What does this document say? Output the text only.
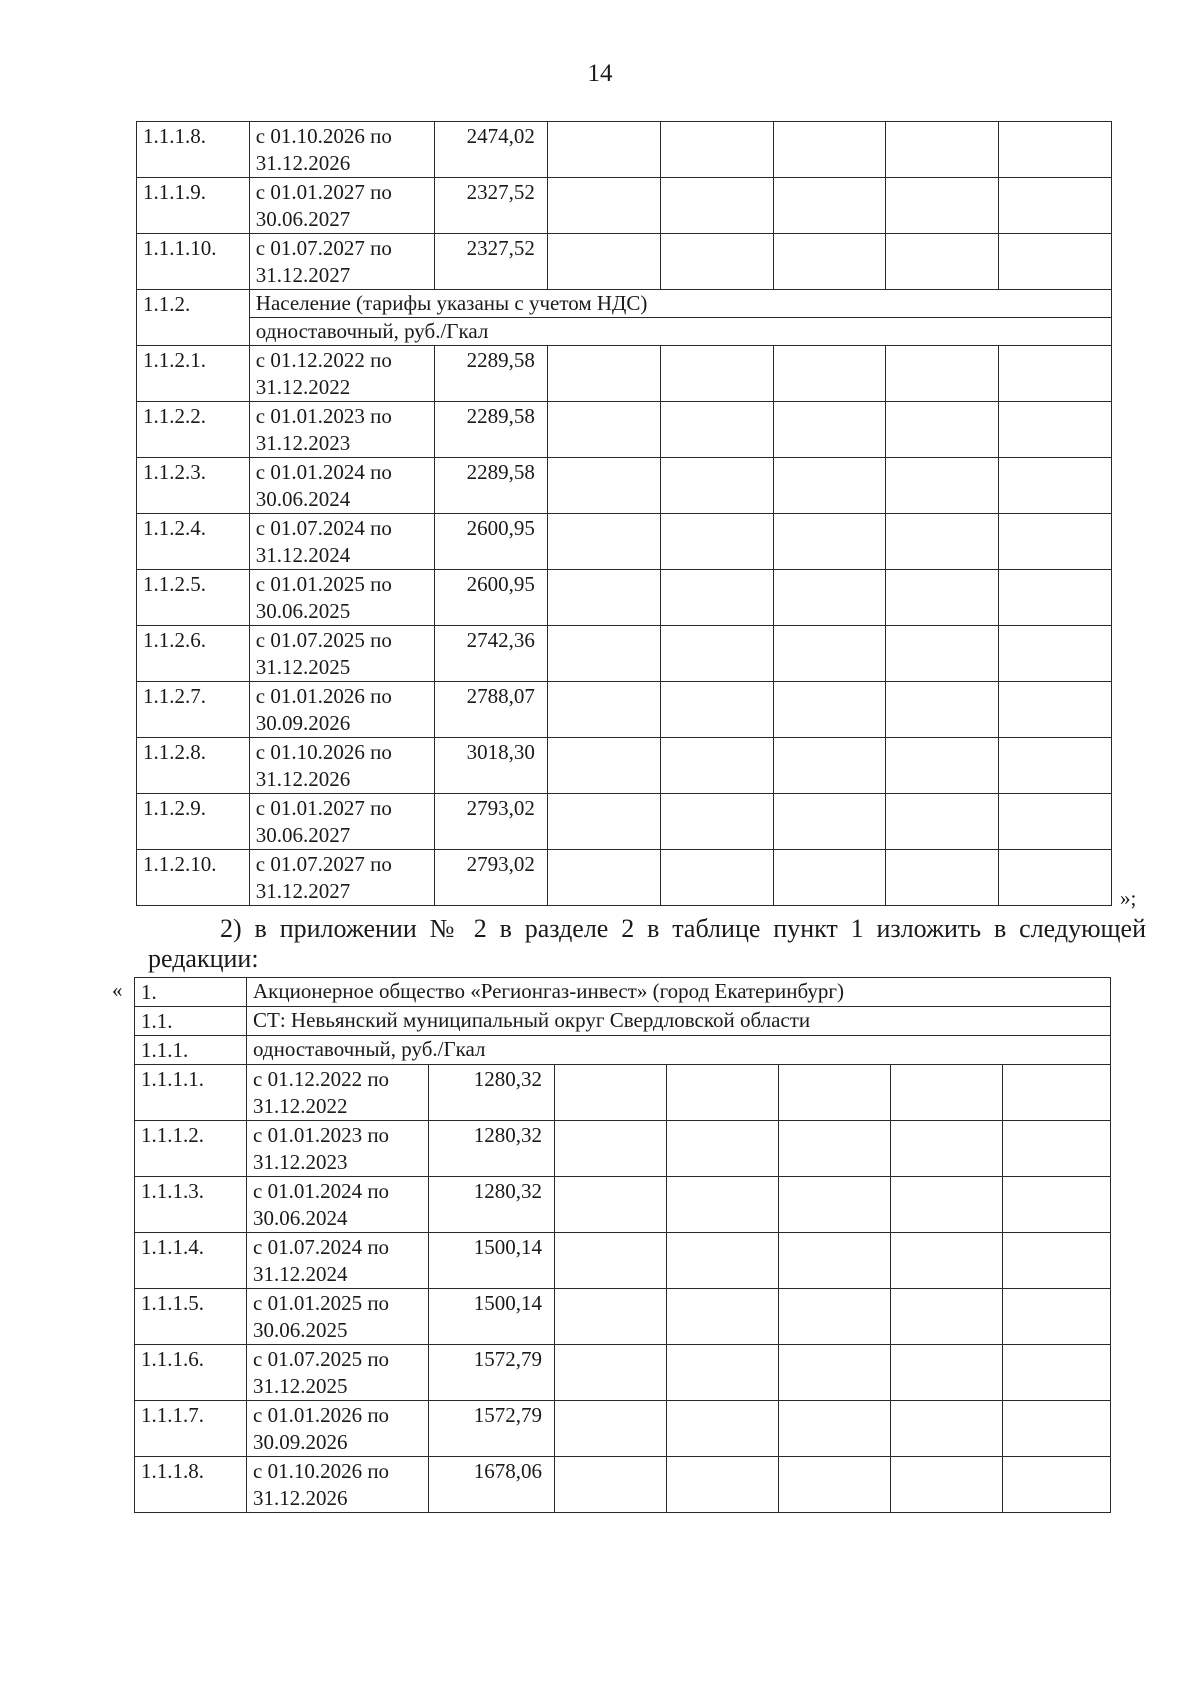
14
1.1.1.8.	с 01.10.2026 по 31.12.2026	2474,02					
1.1.1.9.	с 01.01.2027 по 30.06.2027	2327,52					
1.1.1.10.	с 01.07.2027 по 31.12.2027	2327,52					
1.1.2.	Население (тарифы указаны с учетом НДС)						
	одноставочный, руб./Гкал						
1.1.2.1.	с 01.12.2022 по 31.12.2022	2289,58					
1.1.2.2.	с 01.01.2023 по 31.12.2023	2289,58					
1.1.2.3.	с 01.01.2024 по 30.06.2024	2289,58					
1.1.2.4.	с 01.07.2024 по 31.12.2024	2600,95					
1.1.2.5.	с 01.01.2025 по 30.06.2025	2600,95					
1.1.2.6.	с 01.07.2025 по 31.12.2025	2742,36					
1.1.2.7.	с 01.01.2026 по 30.09.2026	2788,07					
1.1.2.8.	с 01.10.2026 по 31.12.2026	3018,30					
1.1.2.9.	с 01.01.2027 по 30.06.2027	2793,02					
1.1.2.10.	с 01.07.2027 по 31.12.2027	2793,02					
»;
2) в приложении № 2 в разделе 2 в таблице пункт 1 изложить в следующей
редакции:
« 1.	Акционерное общество «Регионгаз-инвест» (город Екатеринбург)						
1.1.	СТ: Невьянский муниципальный округ Свердловской области						
1.1.1.	одноставочный, руб./Гкал						
1.1.1.1.	с 01.12.2022 по 31.12.2022	1280,32					
1.1.1.2.	с 01.01.2023 по 31.12.2023	1280,32					
1.1.1.3.	с 01.01.2024 по 30.06.2024	1280,32					
1.1.1.4.	с 01.07.2024 по 31.12.2024	1500,14					
1.1.1.5.	с 01.01.2025 по 30.06.2025	1500,14					
1.1.1.6.	с 01.07.2025 по 31.12.2025	1572,79					
1.1.1.7.	с 01.01.2026 по 30.09.2026	1572,79					
1.1.1.8.	с 01.10.2026 по 31.12.2026	1678,06					
